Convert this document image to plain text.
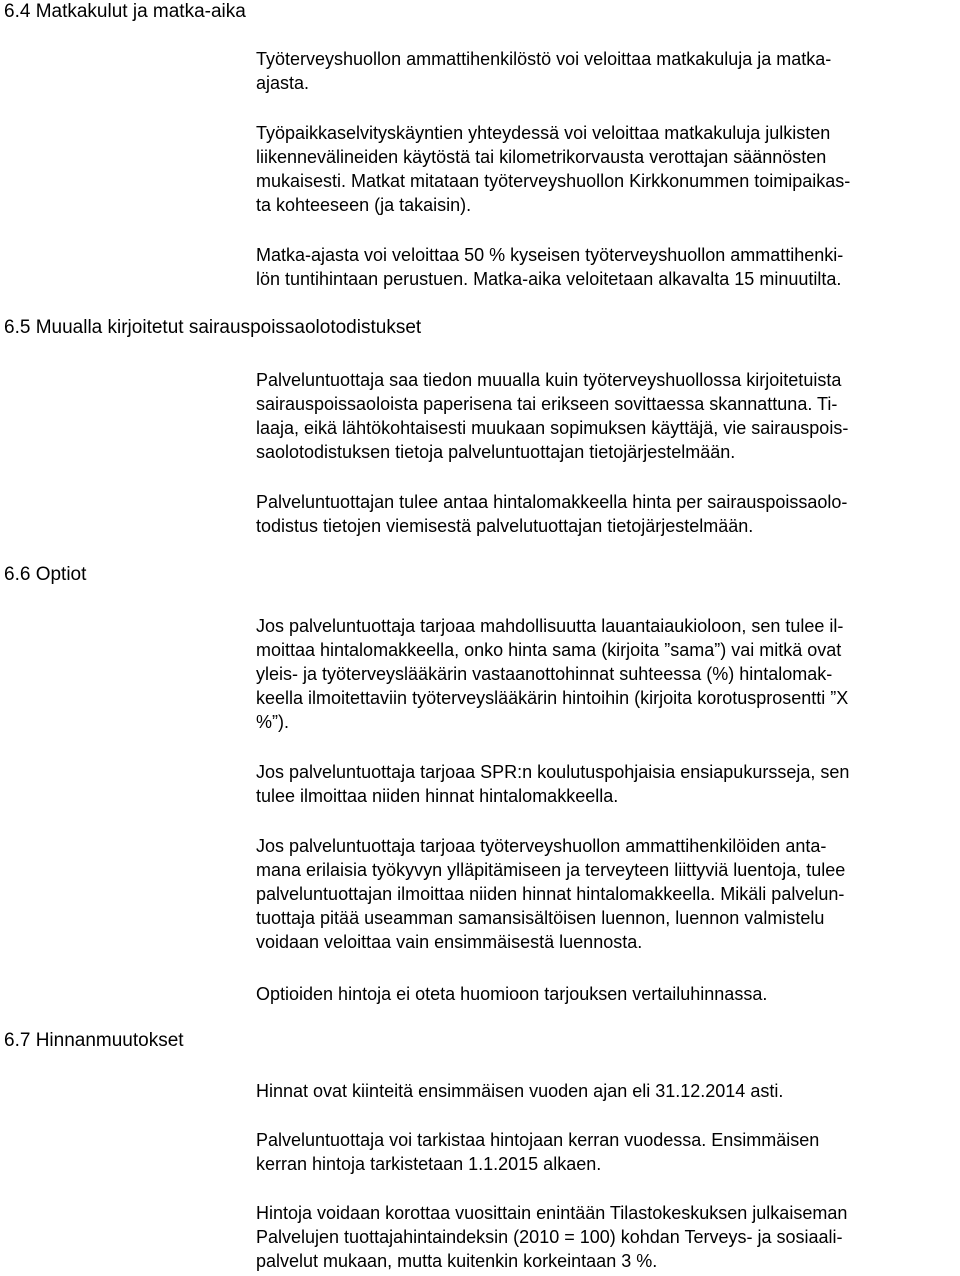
6.4 Matkakulut ja matka-aika

Työterveyshuollon ammattihenkilöstö voi veloittaa matkakuluja ja matka-
ajasta.

Työpaikkaselvityskäyntien yhteydessä voi veloittaa matkakuluja julkisten
liikennevälineiden käytöstä tai kilometrikorvausta verottajan säännösten
mukaisesti. Matkat mitataan työterveyshuollon Kirkkonummen toimipaikas-
ta kohteeseen (ja takaisin).

Matka-ajasta voi veloittaa 50 % kyseisen työterveyshuollon ammattihenki-
lön tuntihintaan perustuen. Matka-aika veloitetaan alkavalta 15 minuutilta.

6.5 Muualla kirjoitetut sairauspoissaolotodistukset

Palveluntuottaja saa tiedon muualla kuin työterveyshuollossa kirjoitetuista
sairauspoissaoloista paperisena tai erikseen sovittaessa skannattuna. Ti-
laaja, eikä lähtökohtaisesti muukaan sopimuksen käyttäjä, vie sairauspois-
saolotodistuksen tietoja palveluntuottajan tietojärjestelmään.

Palveluntuottajan tulee antaa hintalomakkeella hinta per sairauspoissaolo-
todistus tietojen viemisestä palvelutuottajan tietojärjestelmään.

6.6 Optiot

Jos palveluntuottaja tarjoaa mahdollisuutta lauantaiaukioloon, sen tulee il-
moittaa hintalomakkeella, onko hinta sama (kirjoita ”sama”) vai mitkä ovat
yleis- ja työterveyslääkärin vastaanottohinnat suhteessa (%) hintalomak-
keella ilmoitettaviin työterveyslääkärin hintoihin (kirjoita korotusprosentti ”X
%”).

Jos palveluntuottaja tarjoaa SPR:n koulutuspohjaisia ensiapukursseja, sen
tulee ilmoittaa niiden hinnat hintalomakkeella.

Jos palveluntuottaja tarjoaa työterveyshuollon ammattihenkilöiden anta-
mana erilaisia työkyvyn ylläpitämiseen ja terveyteen liittyviä luentoja, tulee
palveluntuottajan ilmoittaa niiden hinnat hintalomakkeella. Mikäli palvelun-
tuottaja pitää useamman samansisältöisen luennon, luennon valmistelu
voidaan veloittaa vain ensimmäisestä luennosta.

Optioiden hintoja ei oteta huomioon tarjouksen vertailuhinnassa.

6.7 Hinnanmuutokset

Hinnat ovat kiinteitä ensimmäisen vuoden ajan eli 31.12.2014 asti.

Palveluntuottaja voi tarkistaa hintojaan kerran vuodessa. Ensimmäisen
kerran hintoja tarkistetaan 1.1.2015 alkaen.

Hintoja voidaan korottaa vuosittain enintään Tilastokeskuksen julkaiseman
Palvelujen tuottajahintaindeksin (2010 = 100) kohdan Terveys- ja sosiaali-
palvelut mukaan, mutta kuitenkin korkeintaan 3 %.
